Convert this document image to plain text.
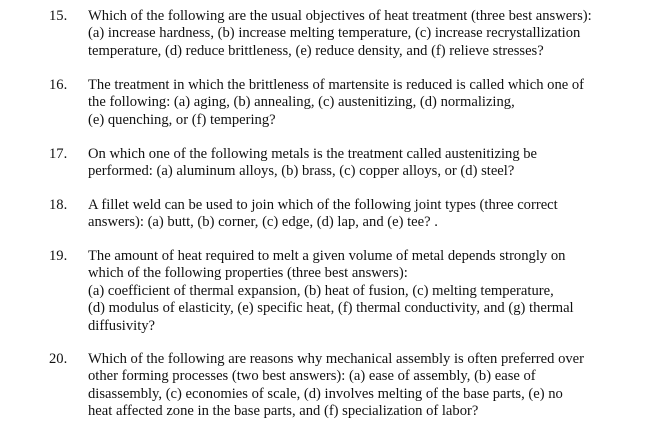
15. Which of the following are the usual objectives of heat treatment (three best answers):
(a) increase hardness, (b) increase melting temperature, (c) increase recrystallization
temperature, (d) reduce brittleness, (e) reduce density, and (f) relieve stresses?
16. The treatment in which the brittleness of martensite is reduced is called which one of
the following: (a) aging, (b) annealing, (c) austenitizing, (d) normalizing,
(e) quenching, or (f) tempering?
17. On which one of the following metals is the treatment called austenitizing be
performed: (a) aluminum alloys, (b) brass, (c) copper alloys, or (d) steel?
18. A fillet weld can be used to join which of the following joint types (three correct
answers): (a) butt, (b) corner, (c) edge, (d) lap, and (e) tee? .
19. The amount of heat required to melt a given volume of metal depends strongly on
which of the following properties (three best answers):
(a) coefficient of thermal expansion, (b) heat of fusion, (c) melting temperature,
(d) modulus of elasticity, (e) specific heat, (f) thermal conductivity, and (g) thermal
diffusivity?
20. Which of the following are reasons why mechanical assembly is often preferred over
other forming processes (two best answers): (a) ease of assembly, (b) ease of
disassembly, (c) economies of scale, (d) involves melting of the base parts, (e) no
heat affected zone in the base parts, and (f) specialization of labor?
